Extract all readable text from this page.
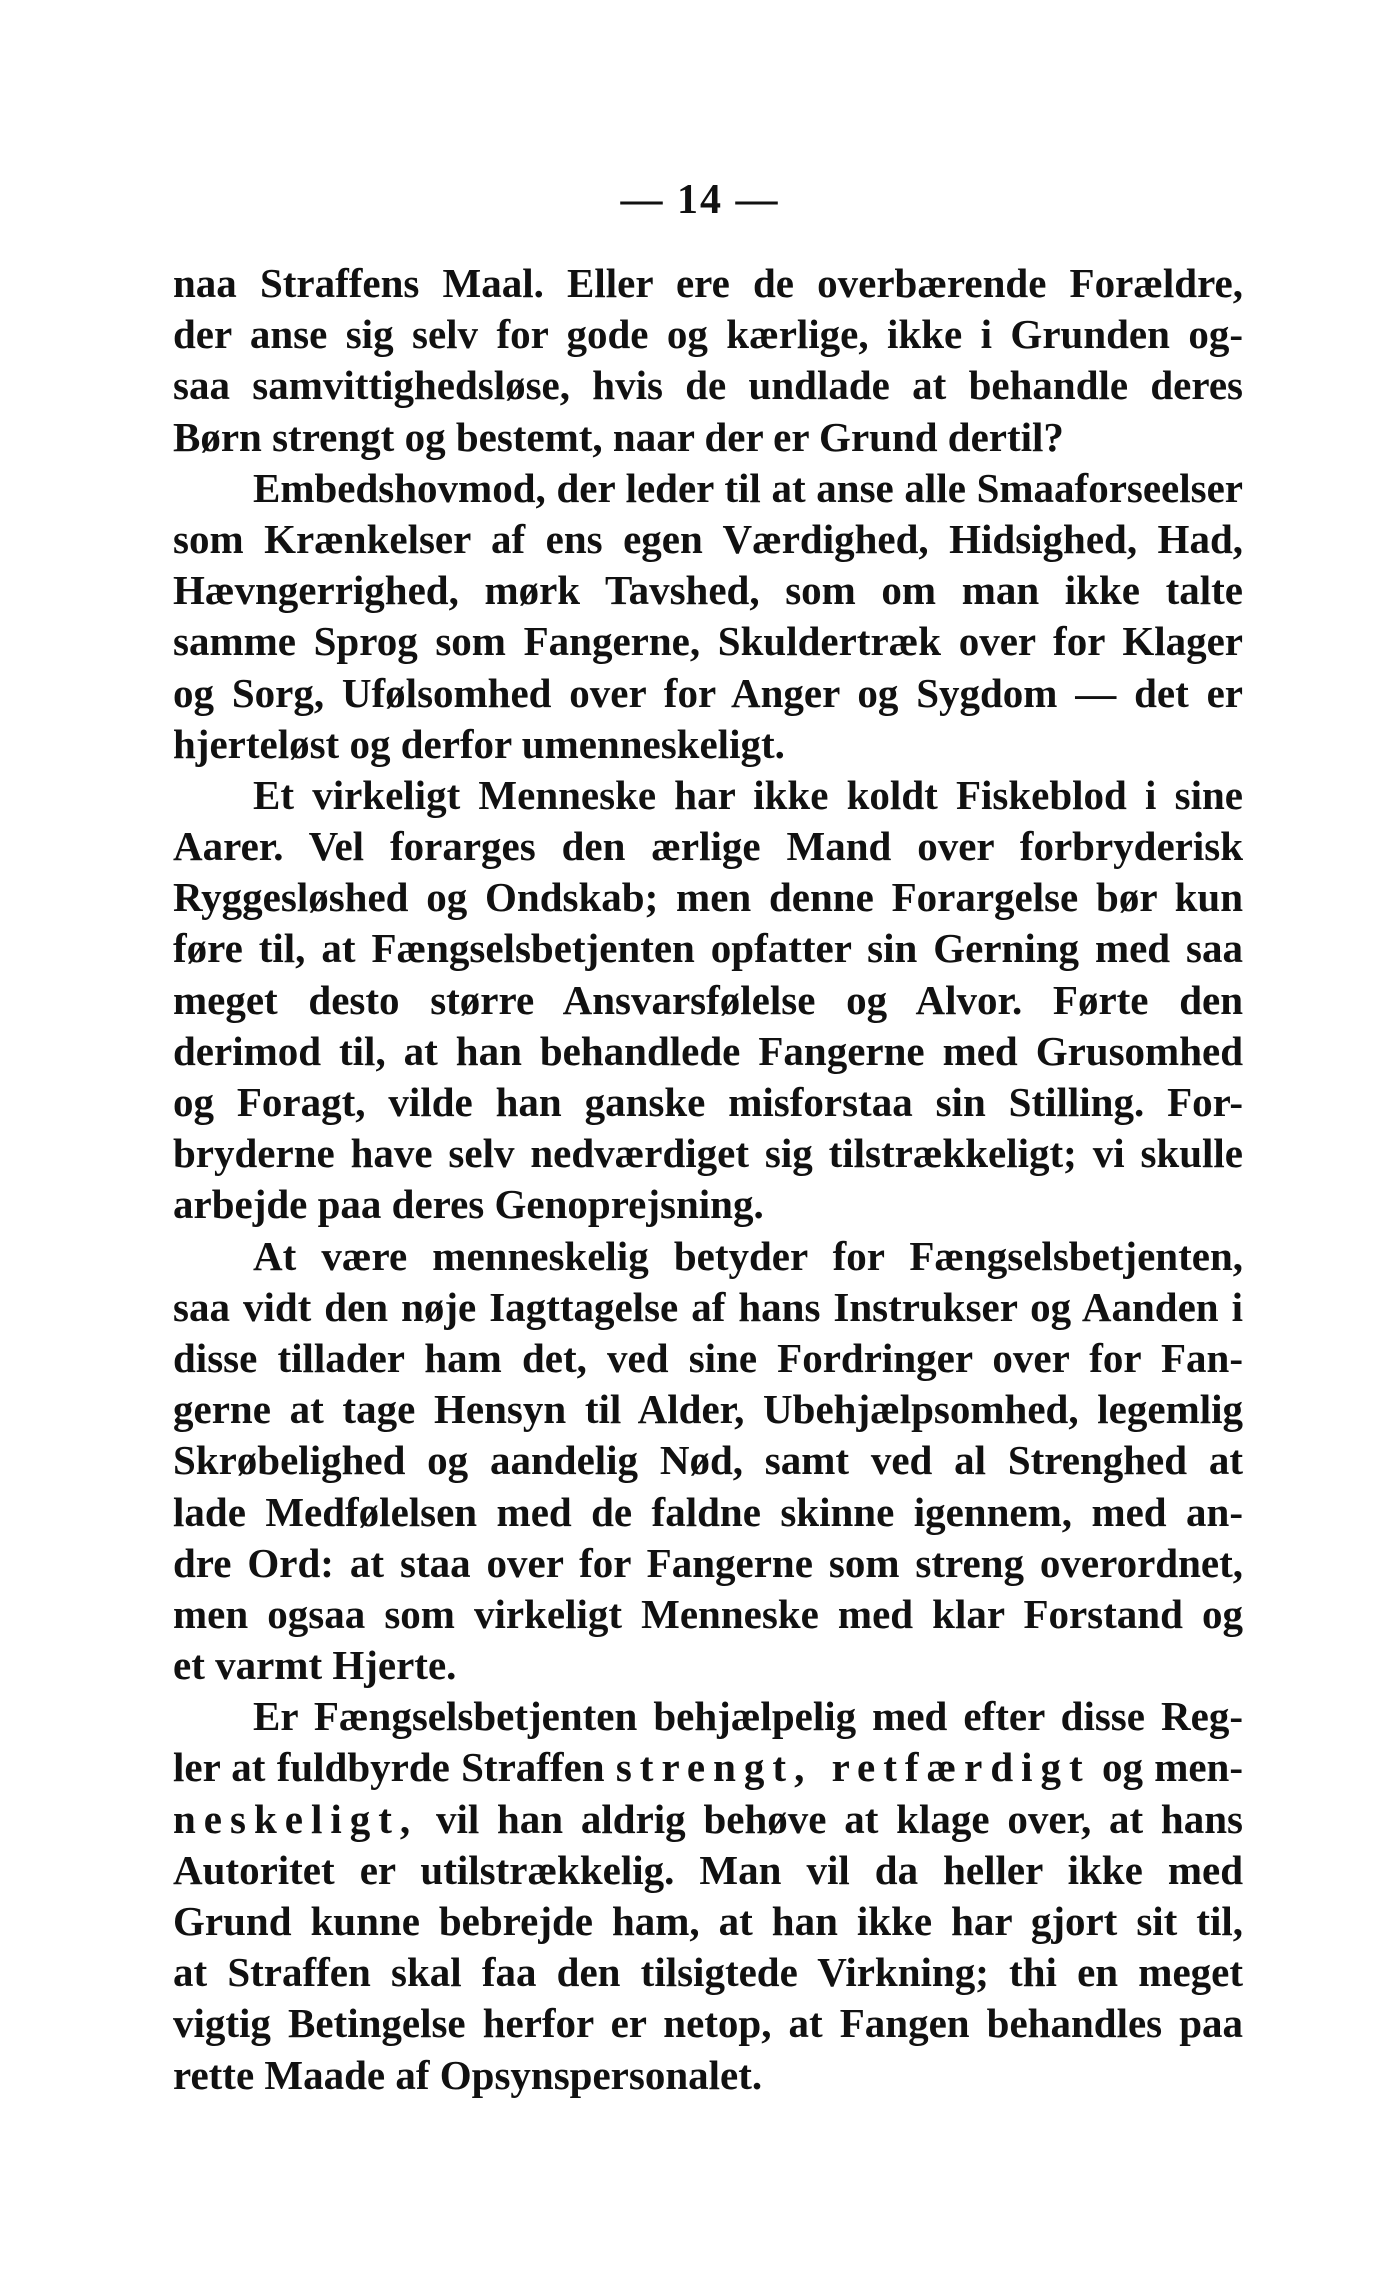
— 14 —
naa Straffens Maal. Eller ere de overbærende Forældre,
der anse sig selv for gode og kærlige, ikke i Grunden og-
saa samvittighedsløse, hvis de undlade at behandle deres
Børn strengt og bestemt, naar der er Grund dertil?
Embedshovmod, der leder til at anse alle Smaaforseelser
som Krænkelser af ens egen Værdighed, Hidsighed, Had,
Hævngerrighed, mørk Tavshed, som om man ikke talte
samme Sprog som Fangerne, Skuldertræk over for Klager
og Sorg, Ufølsomhed over for Anger og Sygdom — det er
hjerteløst og derfor umenneskeligt.
Et virkeligt Menneske har ikke koldt Fiskeblod i sine
Aarer. Vel forarges den ærlige Mand over forbryderisk
Ryggesløshed og Ondskab; men denne Forargelse bør kun
føre til, at Fængselsbetjenten opfatter sin Gerning med saa
meget desto større Ansvarsfølelse og Alvor. Førte den
derimod til, at han behandlede Fangerne med Grusomhed
og Foragt, vilde han ganske misforstaa sin Stilling. For-
bryderne have selv nedværdiget sig tilstrækkeligt; vi skulle
arbejde paa deres Genoprejsning.
At være menneskelig betyder for Fængselsbetjenten,
saa vidt den nøje Iagttagelse af hans Instrukser og Aanden i
disse tillader ham det, ved sine Fordringer over for Fan-
gerne at tage Hensyn til Alder, Ubehjælpsomhed, legemlig
Skrøbelighed og aandelig Nød, samt ved al Strenghed at
lade Medfølelsen med de faldne skinne igennem, med an-
dre Ord: at staa over for Fangerne som streng overordnet,
men ogsaa som virkeligt Menneske med klar Forstand og
et varmt Hjerte.
Er Fængselsbetjenten behjælpelig med efter disse Reg-
ler at fuldbyrde Straffen strengt, retfærdigt og men-
neskeligt, vil han aldrig behøve at klage over, at hans
Autoritet er utilstrækkelig. Man vil da heller ikke med
Grund kunne bebrejde ham, at han ikke har gjort sit til,
at Straffen skal faa den tilsigtede Virkning; thi en meget
vigtig Betingelse herfor er netop, at Fangen behandles paa
rette Maade af Opsynspersonalet.
